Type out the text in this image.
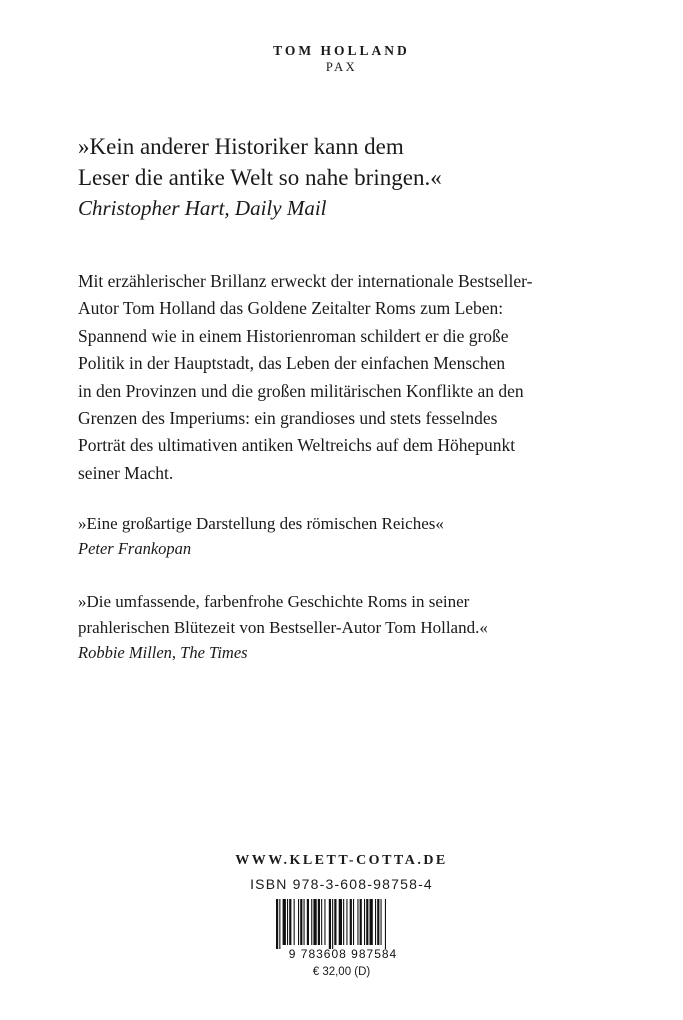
TOM HOLLAND
PAX
»Kein anderer Historiker kann dem
Leser die antike Welt so nahe bringen.«
Christopher Hart, Daily Mail
Mit erzählerischer Brillanz erweckt der internationale Bestseller-
Autor Tom Holland das Goldene Zeitalter Roms zum Leben:
Spannend wie in einem Historienroman schildert er die große
Politik in der Hauptstadt, das Leben der einfachen Menschen
in den Provinzen und die großen militärischen Konflikte an den
Grenzen des Imperiums: ein grandioses und stets fesselndes
Porträt des ultimativen antiken Weltreichs auf dem Höhepunkt
seiner Macht.
»Eine großartige Darstellung des römischen Reiches«
Peter Frankopan
»Die umfassende, farbenfrohe Geschichte Roms in seiner
prahlerischen Blütezeit von Bestseller-Autor Tom Holland.«
Robbie Millen, The Times
WWW.KLETT-COTTA.DE
ISBN 978-3-608-98758-4
9 783608 987584
€ 32,00 (D)
